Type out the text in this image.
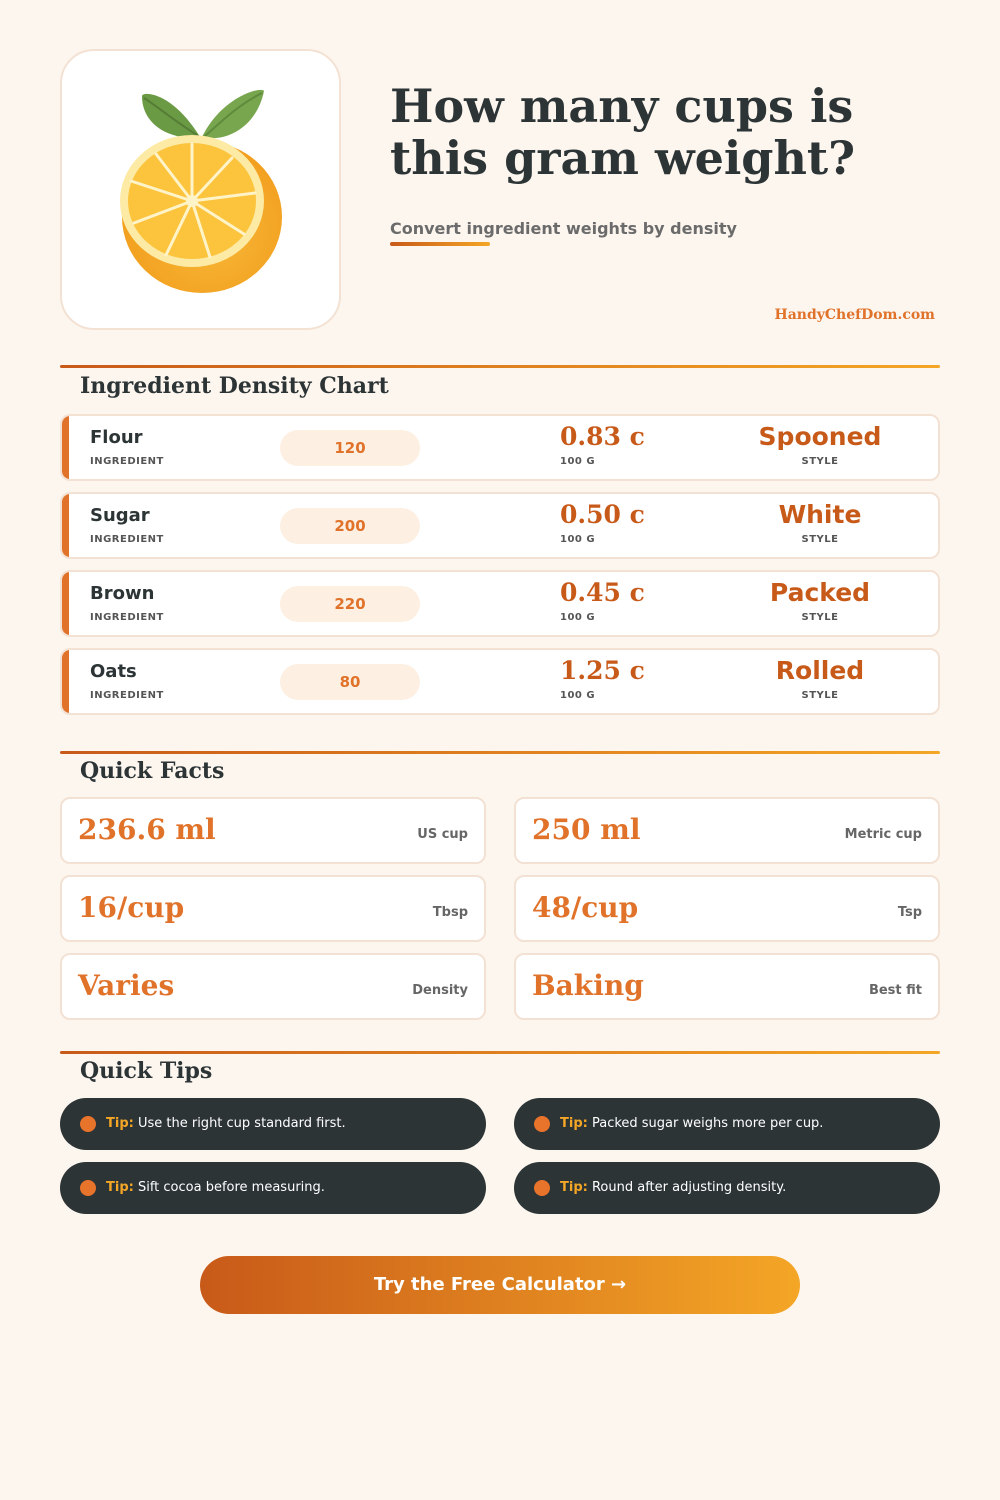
How many cups is this gram weight?
Convert ingredient weights by density
HandyChefDom.com
Ingredient Density Chart
Flour
INGREDIENT
120	0.83 c
100 G
Spooned
STYLE
Sugar
INGREDIENT
200	0.50 c
100 G
White
STYLE
Brown
INGREDIENT
220	0.45 c
100 G
Packed
STYLE
Oats
INGREDIENT
80	1.25 c
100 G
Rolled
STYLE
Quick Facts
236.6 ml	US cup 250 ml	Metric cup
16/cup	Tbsp 48/cup	Tsp
Varies	Density Baking	Best fit
Quick Tips
Tip: Use the right cup standard first.	Tip: Packed sugar weighs more per cup.
Tip: Sift cocoa before measuring.	Tip: Round after adjusting density.
Try the Free Calculator →
